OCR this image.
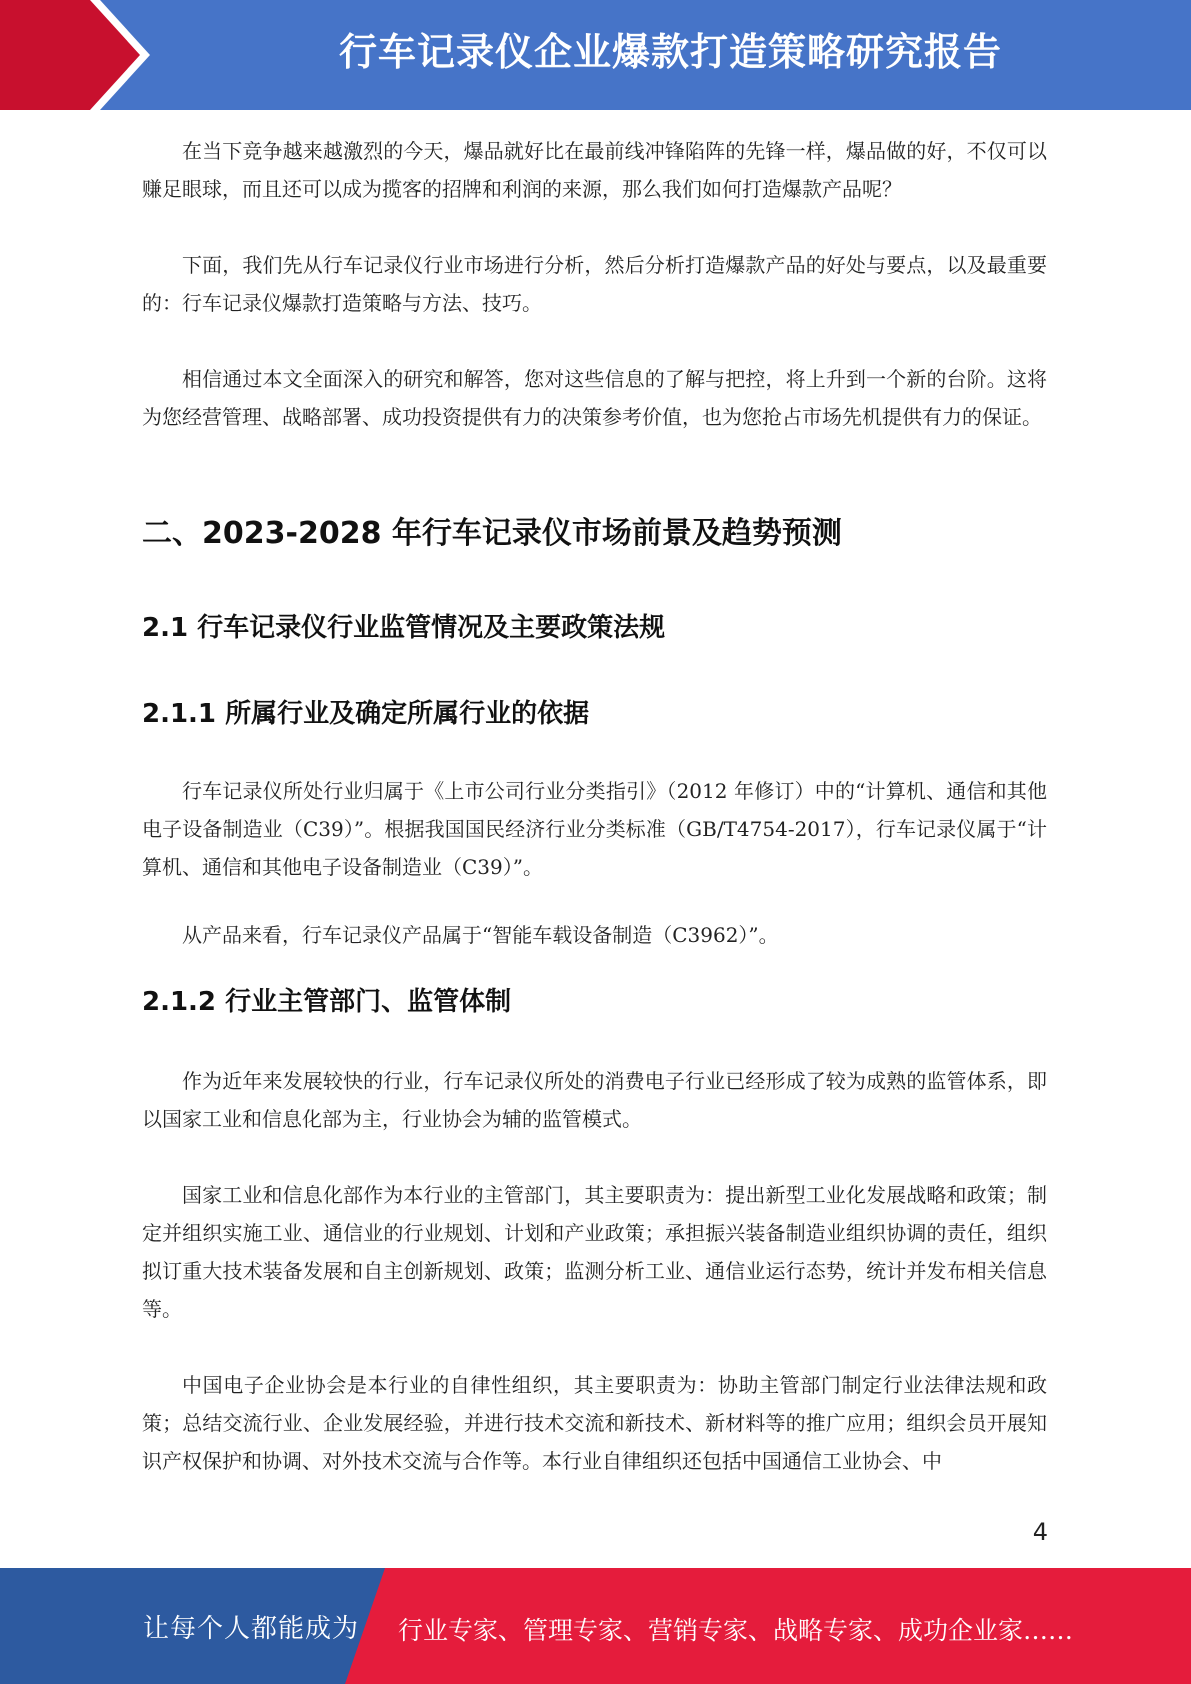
行车记录仪企业爆款打造策略研究报告

在当下竞争越来越激烈的今天，爆品就好比在最前线冲锋陷阵的先锋一样，爆品做的好，不仅可以赚足眼球，而且还可以成为揽客的招牌和利润的来源，那么我们如何打造爆款产品呢？

下面，我们先从行车记录仪行业市场进行分析，然后分析打造爆款产品的好处与要点，以及最重要的：行车记录仪爆款打造策略与方法、技巧。

相信通过本文全面深入的研究和解答，您对这些信息的了解与把控，将上升到一个新的台阶。这将为您经营管理、战略部署、成功投资提供有力的决策参考价值，也为您抢占市场先机提供有力的保证。

二、2023-2028 年行车记录仪市场前景及趋势预测
2.1 行车记录仪行业监管情况及主要政策法规
2.1.1 所属行业及确定所属行业的依据

行车记录仪所处行业归属于《上市公司行业分类指引》（2012 年修订）中的“计算机、通信和其他电子设备制造业（C39）”。根据我国国民经济行业分类标准（GB/T4754-2017），行车记录仪属于“计算机、通信和其他电子设备制造业（C39）”。

从产品来看，行车记录仪产品属于“智能车载设备制造（C3962）”。

2.1.2 行业主管部门、监管体制

作为近年来发展较快的行业，行车记录仪所处的消费电子行业已经形成了较为成熟的监管体系，即以国家工业和信息化部为主，行业协会为辅的监管模式。

国家工业和信息化部作为本行业的主管部门，其主要职责为：提出新型工业化发展战略和政策；制定并组织实施工业、通信业的行业规划、计划和产业政策；承担振兴装备制造业组织协调的责任，组织拟订重大技术装备发展和自主创新规划、政策；监测分析工业、通信业运行态势，统计并发布相关信息等。

中国电子企业协会是本行业的自律性组织，其主要职责为：协助主管部门制定行业法律法规和政策；总结交流行业、企业发展经验，并进行技术交流和新技术、新材料等的推广应用；组织会员开展知识产权保护和协调、对外技术交流与合作等。本行业自律组织还包括中国通信工业协会、中

4
让每个人都能成为 行业专家、管理专家、营销专家、战略专家、成功企业家……
